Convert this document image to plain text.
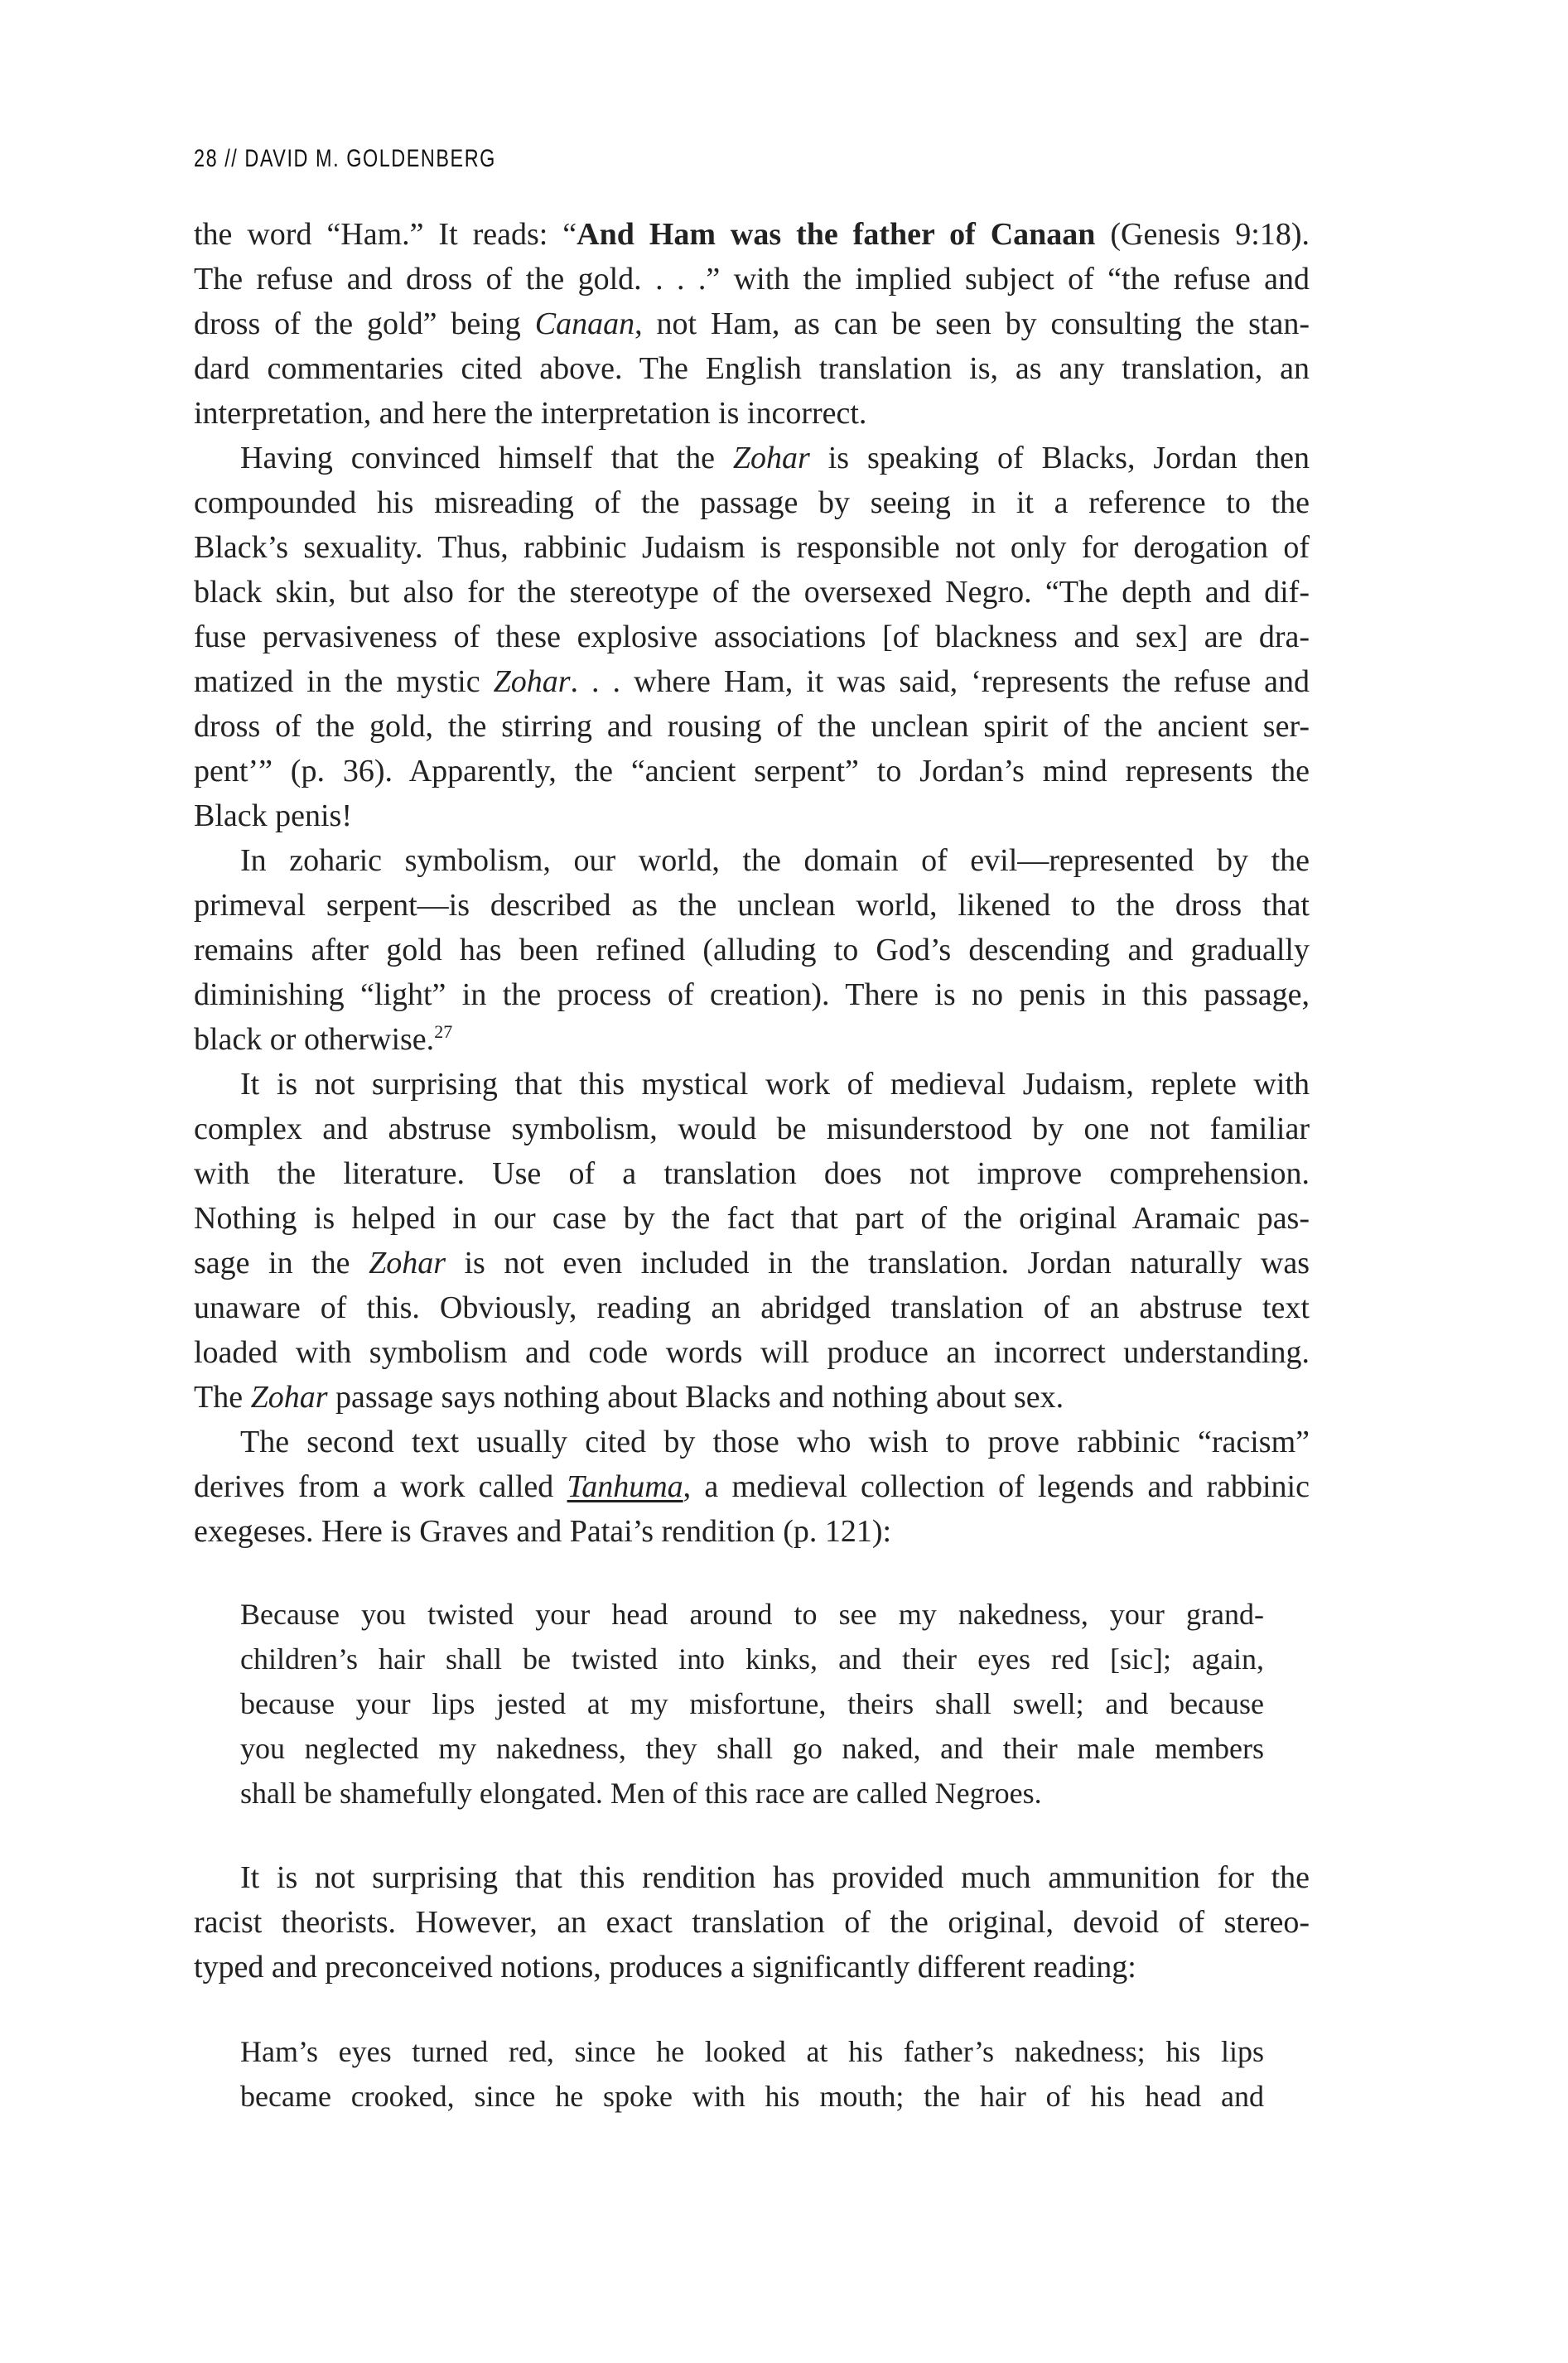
28 // DAVID M. GOLDENBERG
the word “Ham.” It reads: “And Ham was the father of Canaan (Genesis 9:18).
The refuse and dross of the gold. . . .” with the implied subject of “the refuse and
dross of the gold” being Canaan, not Ham, as can be seen by consulting the stan-
dard commentaries cited above. The English translation is, as any translation, an
interpretation, and here the interpretation is incorrect.
Having convinced himself that the Zohar is speaking of Blacks, Jordan then
compounded his misreading of the passage by seeing in it a reference to the
Black’s sexuality. Thus, rabbinic Judaism is responsible not only for derogation of
black skin, but also for the stereotype of the oversexed Negro. “The depth and dif-
fuse pervasiveness of these explosive associations [of blackness and sex] are dra-
matized in the mystic Zohar. . . where Ham, it was said, ‘represents the refuse and
dross of the gold, the stirring and rousing of the unclean spirit of the ancient ser-
pent’” (p. 36). Apparently, the “ancient serpent” to Jordan’s mind represents the
Black penis!
In zoharic symbolism, our world, the domain of evil—represented by the
primeval serpent—is described as the unclean world, likened to the dross that
remains after gold has been refined (alluding to God’s descending and gradually
diminishing “light” in the process of creation). There is no penis in this passage,
black or otherwise.$^{27}$
It is not surprising that this mystical work of medieval Judaism, replete with
complex and abstruse symbolism, would be misunderstood by one not familiar
with the literature. Use of a translation does not improve comprehension.
Nothing is helped in our case by the fact that part of the original Aramaic pas-
sage in the Zohar is not even included in the translation. Jordan naturally was
unaware of this. Obviously, reading an abridged translation of an abstruse text
loaded with symbolism and code words will produce an incorrect understanding.
The Zohar passage says nothing about Blacks and nothing about sex.
The second text usually cited by those who wish to prove rabbinic “racism”
derives from a work called Tanhuma, a medieval collection of legends and rabbinic
exegeses. Here is Graves and Patai’s rendition (p. 121):
Because you twisted your head around to see my nakedness, your grand-
children’s hair shall be twisted into kinks, and their eyes red [sic]; again,
because your lips jested at my misfortune, theirs shall swell; and because
you neglected my nakedness, they shall go naked, and their male members
shall be shamefully elongated. Men of this race are called Negroes.
It is not surprising that this rendition has provided much ammunition for the
racist theorists. However, an exact translation of the original, devoid of stereo-
typed and preconceived notions, produces a significantly different reading:
Ham’s eyes turned red, since he looked at his father’s nakedness; his lips
became crooked, since he spoke with his mouth; the hair of his head and
